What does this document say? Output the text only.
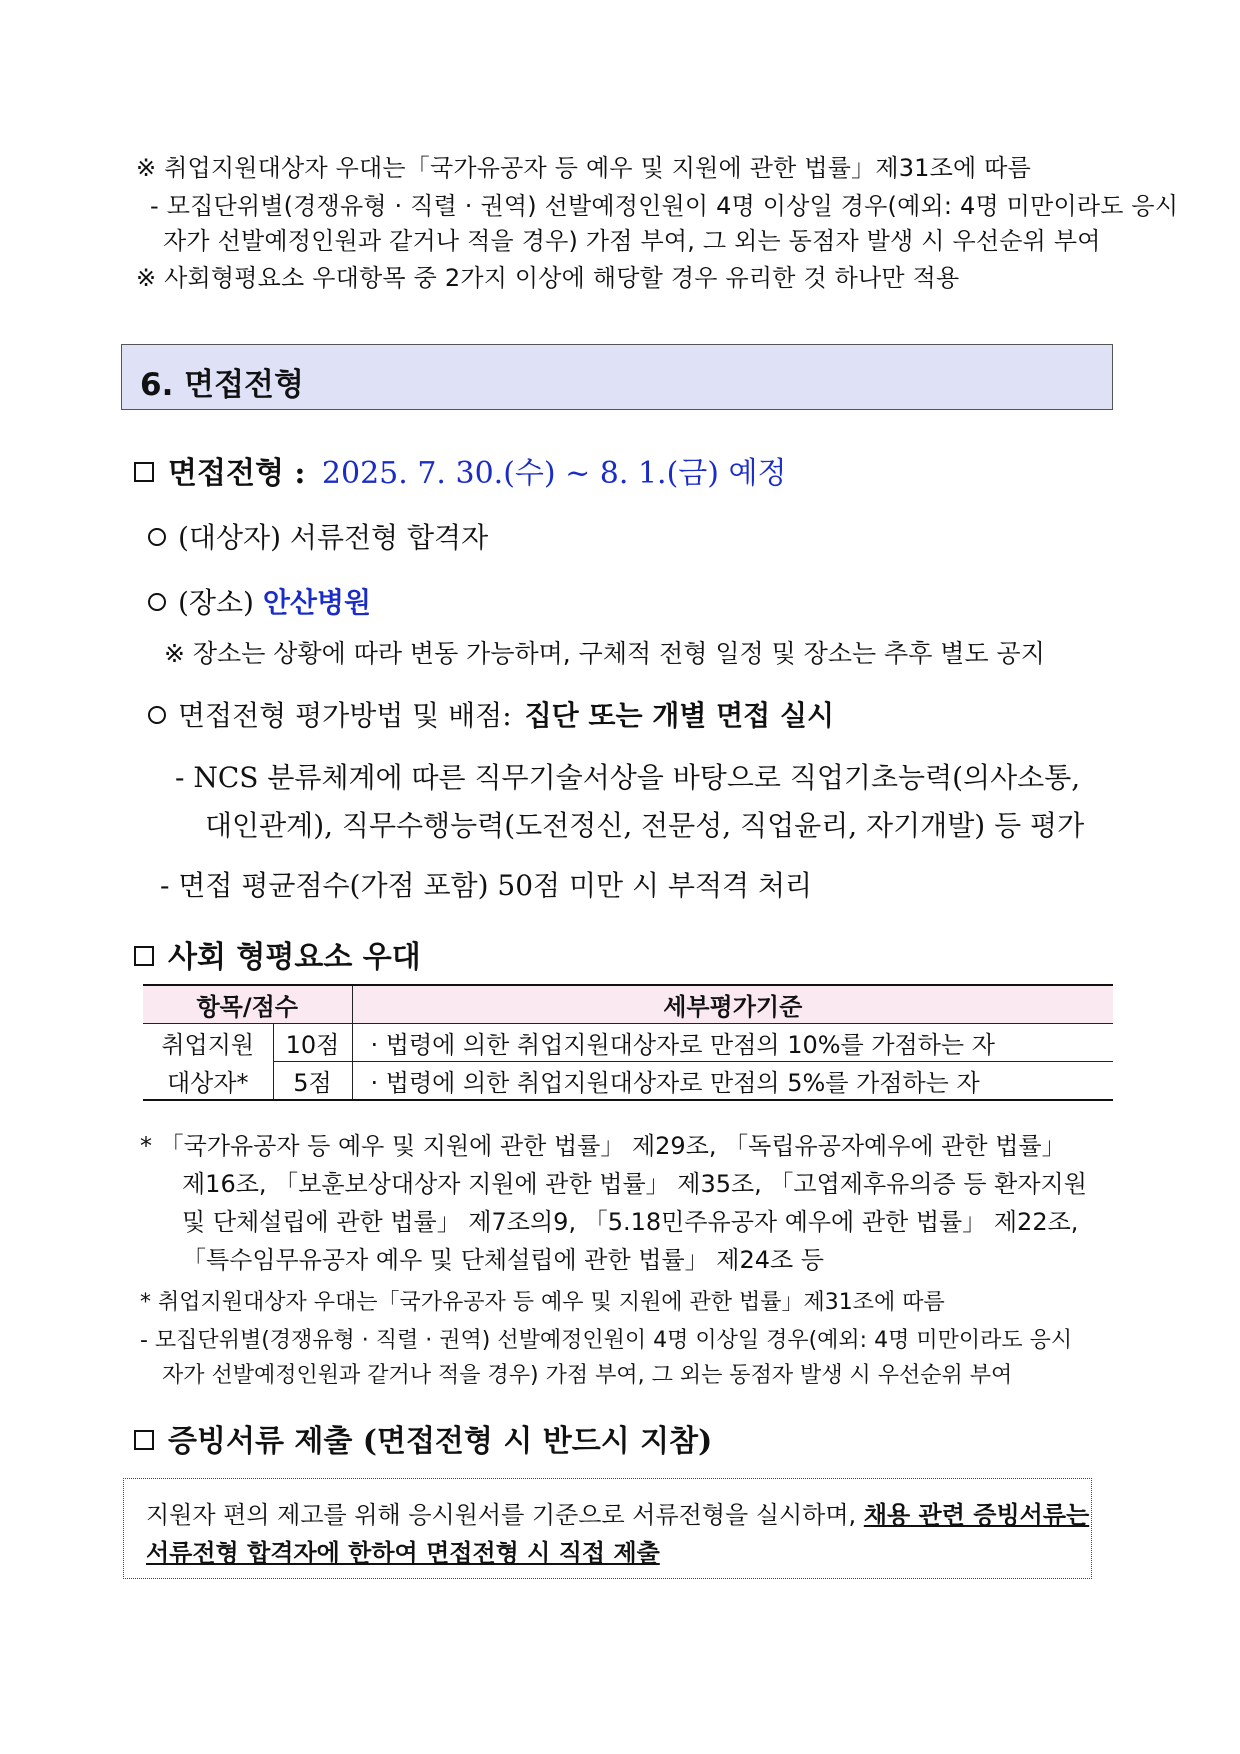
※ 취업지원대상자 우대는「국가유공자 등 예우 및 지원에 관한 법률」제31조에 따름
- 모집단위별(경쟁유형 · 직렬 · 권역) 선발예정인원이 4명 이상일 경우(예외: 4명 미만이라도 응시
자가 선발예정인원과 같거나 적을 경우) 가점 부여, 그 외는 동점자 발생 시 우선순위 부여
※ 사회형평요소 우대항목 중 2가지 이상에 해당할 경우 유리한 것 하나만 적용
6. 면접전형
면접전형 : 2025. 7. 30.(수) ~ 8. 1.(금) 예정
(대상자) 서류전형 합격자
(장소) 안산병원
※ 장소는 상황에 따라 변동 가능하며, 구체적 전형 일정 및 장소는 추후 별도 공지
면접전형 평가방법 및 배점: 집단 또는 개별 면접 실시
- NCS 분류체계에 따른 직무기술서상을 바탕으로 직업기초능력(의사소통,
대인관계), 직무수행능력(도전정신, 전문성, 직업윤리, 자기개발) 등 평가
- 면접 평균점수(가점 포함) 50점 미만 시 부적격 처리
사회 형평요소 우대
항목/점수		세부평가기준
취업지원	10점	· 법령에 의한 취업지원대상자로 만점의 10%를 가점하는 자
대상자*	5점	· 법령에 의한 취업지원대상자로 만점의 5%를 가점하는 자
* 「국가유공자 등 예우 및 지원에 관한 법률」 제29조, 「독립유공자예우에 관한 법률」
제16조, 「보훈보상대상자 지원에 관한 법률」 제35조, 「고엽제후유의증 등 환자지원
및 단체설립에 관한 법률」 제7조의9, 「5.18민주유공자 예우에 관한 법률」 제22조,
「특수임무유공자 예우 및 단체설립에 관한 법률」 제24조 등
* 취업지원대상자 우대는「국가유공자 등 예우 및 지원에 관한 법률」제31조에 따름
- 모집단위별(경쟁유형 · 직렬 · 권역) 선발예정인원이 4명 이상일 경우(예외: 4명 미만이라도 응시
자가 선발예정인원과 같거나 적을 경우) 가점 부여, 그 외는 동점자 발생 시 우선순위 부여
증빙서류 제출 (면접전형 시 반드시 지참)
지원자 편의 제고를 위해 응시원서를 기준으로 서류전형을 실시하며, 채용 관련 증빙서류는
서류전형 합격자에 한하여 면접전형 시 직접 제출
